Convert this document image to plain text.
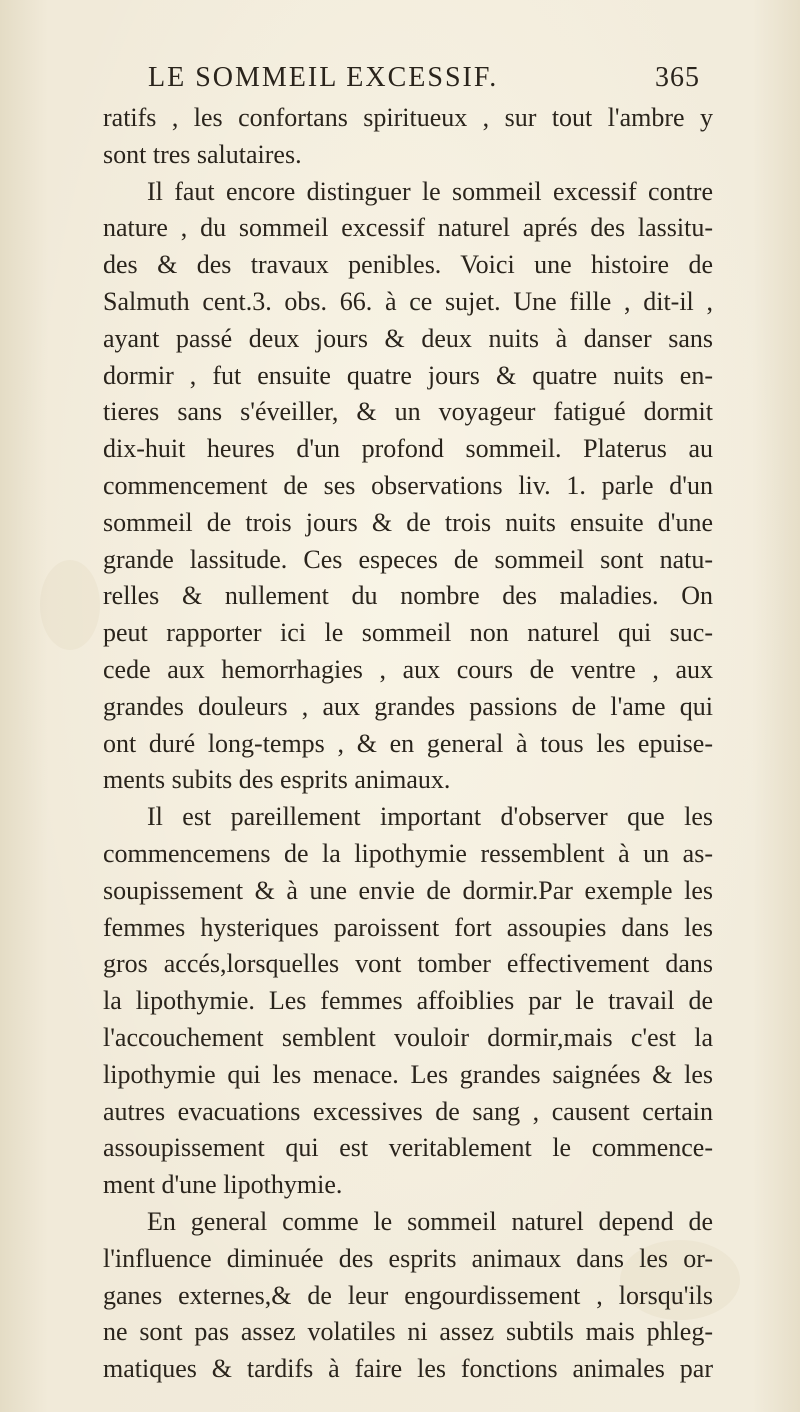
LE SOMMEIL EXCESSIF.	365
ratifs , les confortans spiritueux , sur tout l'ambre y
sont tres salutaires.
Il faut encore distinguer le sommeil excessif contre
nature , du sommeil excessif naturel aprés des lassitu-
des & des travaux penibles. Voici une histoire de
Salmuth cent.3. obs. 66. à ce sujet. Une fille , dit-il ,
ayant passé deux jours & deux nuits à danser sans
dormir , fut ensuite quatre jours & quatre nuits en-
tieres sans s'éveiller, & un voyageur fatigué dormit
dix-huit heures d'un profond sommeil. Platerus au
commencement de ses observations liv. 1. parle d'un
sommeil de trois jours & de trois nuits ensuite d'une
grande lassitude. Ces especes de sommeil sont natu-
relles & nullement du nombre des maladies. On
peut rapporter ici le sommeil non naturel qui suc-
cede aux hemorrhagies , aux cours de ventre , aux
grandes douleurs , aux grandes passions de l'ame qui
ont duré long-temps , & en general à tous les epuise-
ments subits des esprits animaux.
Il est pareillement important d'observer que les
commencemens de la lipothymie ressemblent à un as-
soupissement & à une envie de dormir.Par exemple les
femmes hysteriques paroissent fort assoupies dans les
gros accés,lorsquelles vont tomber effectivement dans
la lipothymie. Les femmes affoiblies par le travail de
l'accouchement semblent vouloir dormir,mais c'est la
lipothymie qui les menace. Les grandes saignées & les
autres evacuations excessives de sang , causent certain
assoupissement qui est veritablement le commence-
ment d'une lipothymie.
En general comme le sommeil naturel depend de
l'influence diminuée des esprits animaux dans les or-
ganes externes,& de leur engourdissement , lorsqu'ils
ne sont pas assez volatiles ni assez subtils mais phleg-
matiques & tardifs à faire les fonctions animales par
